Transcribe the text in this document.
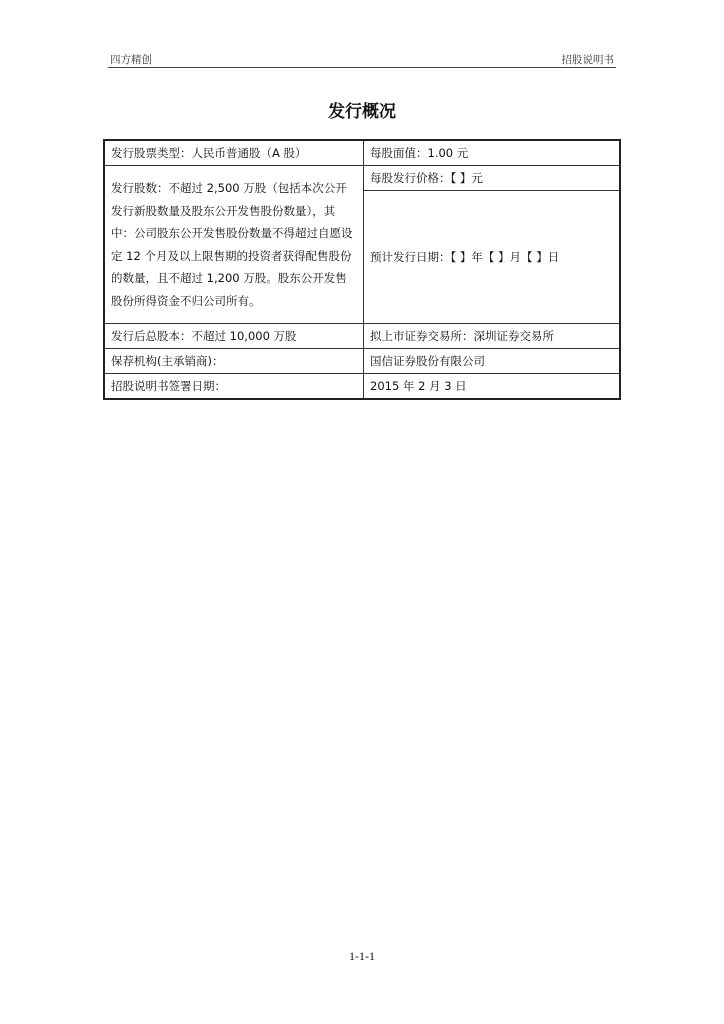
四方精创	招股说明书
发行概况
发行股票类型：人民币普通股（A 股）	每股面值：1.00 元
发行股数：不超过 2,500 万股（包括本次公开发行新股数量及股东公开发售股份数量），其中：公司股东公开发售股份数量不得超过自愿设定 12 个月及以上限售期的投资者获得配售股份的数量，且不超过 1,200 万股。股东公开发售股份所得资金不归公司所有。	每股发行价格：【 】元
	预计发行日期：【 】年【 】月【 】日
发行后总股本：不超过 10,000 万股	拟上市证券交易所：深圳证券交易所
保荐机构(主承销商)：	国信证券股份有限公司
招股说明书签署日期：	2015 年 2 月 3 日
1-1-1
